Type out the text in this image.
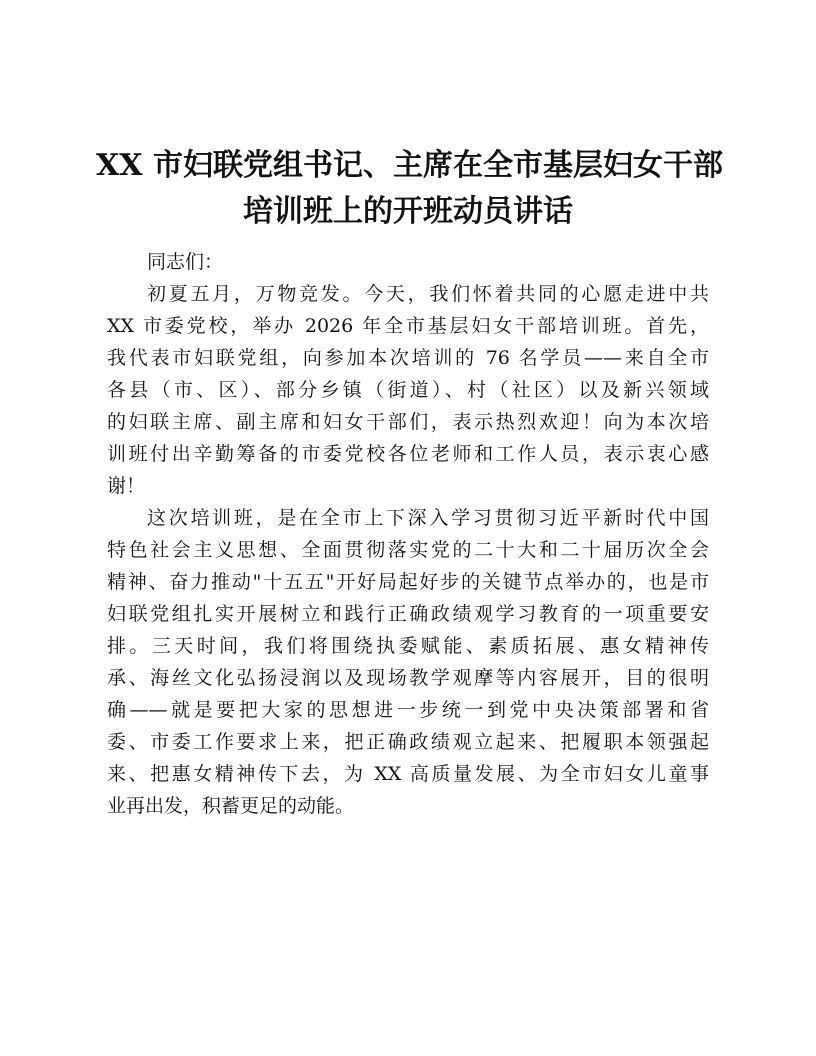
XX 市妇联党组书记、主席在全市基层妇女干部
培训班上的开班动员讲话
同志们：

初夏五月，万物竞发。今天，我们怀着共同的心愿走进中共
XX 市委党校，举办 2026 年全市基层妇女干部培训班。首先，
我代表市妇联党组，向参加本次培训的 76 名学员——来自全市
各县（市、区）、部分乡镇（街道）、村（社区）以及新兴领域
的妇联主席、副主席和妇女干部们，表示热烈欢迎！向为本次培
训班付出辛勤筹备的市委党校各位老师和工作人员，表示衷心感
谢！

这次培训班，是在全市上下深入学习贯彻习近平新时代中国
特色社会主义思想、全面贯彻落实党的二十大和二十届历次全会
精神、奋力推动"十五五"开好局起好步的关键节点举办的，也是市
妇联党组扎实开展树立和践行正确政绩观学习教育的一项重要安
排。三天时间，我们将围绕执委赋能、素质拓展、惠女精神传
承、海丝文化弘扬浸润以及现场教学观摩等内容展开，目的很明
确——就是要把大家的思想进一步统一到党中央决策部署和省
委、市委工作要求上来，把正确政绩观立起来、把履职本领强起
来、把惠女精神传下去，为 XX 高质量发展、为全市妇女儿童事
业再出发，积蓄更足的动能。
